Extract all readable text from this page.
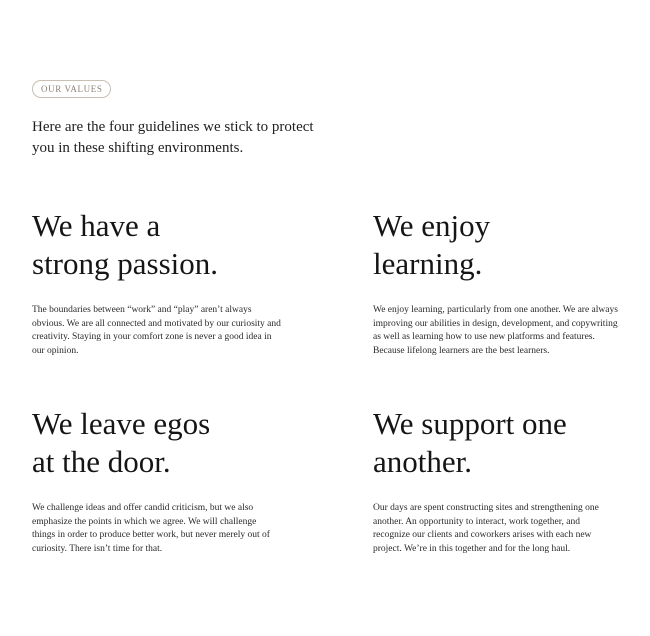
OUR VALUES

Here are the four guidelines we stick to protect you in these shifting environments.

We have a
strong passion.

The boundaries between “work” and “play” aren’t always obvious. We are all connected and motivated by our curiosity and creativity. Staying in your comfort zone is never a good idea in our opinion.

We enjoy
learning.

We enjoy learning, particularly from one another. We are always improving our abilities in design, development, and copywriting as well as learning how to use new platforms and features. Because lifelong learners are the best learners.

We leave egos
at the door.

We challenge ideas and offer candid criticism, but we also emphasize the points in which we agree. We will challenge things in order to produce better work, but never merely out of curiosity. There isn’t time for that.

We support one
another.

Our days are spent constructing sites and strengthening one another. An opportunity to interact, work together, and recognize our clients and coworkers arises with each new project. We’re in this together and for the long haul.
